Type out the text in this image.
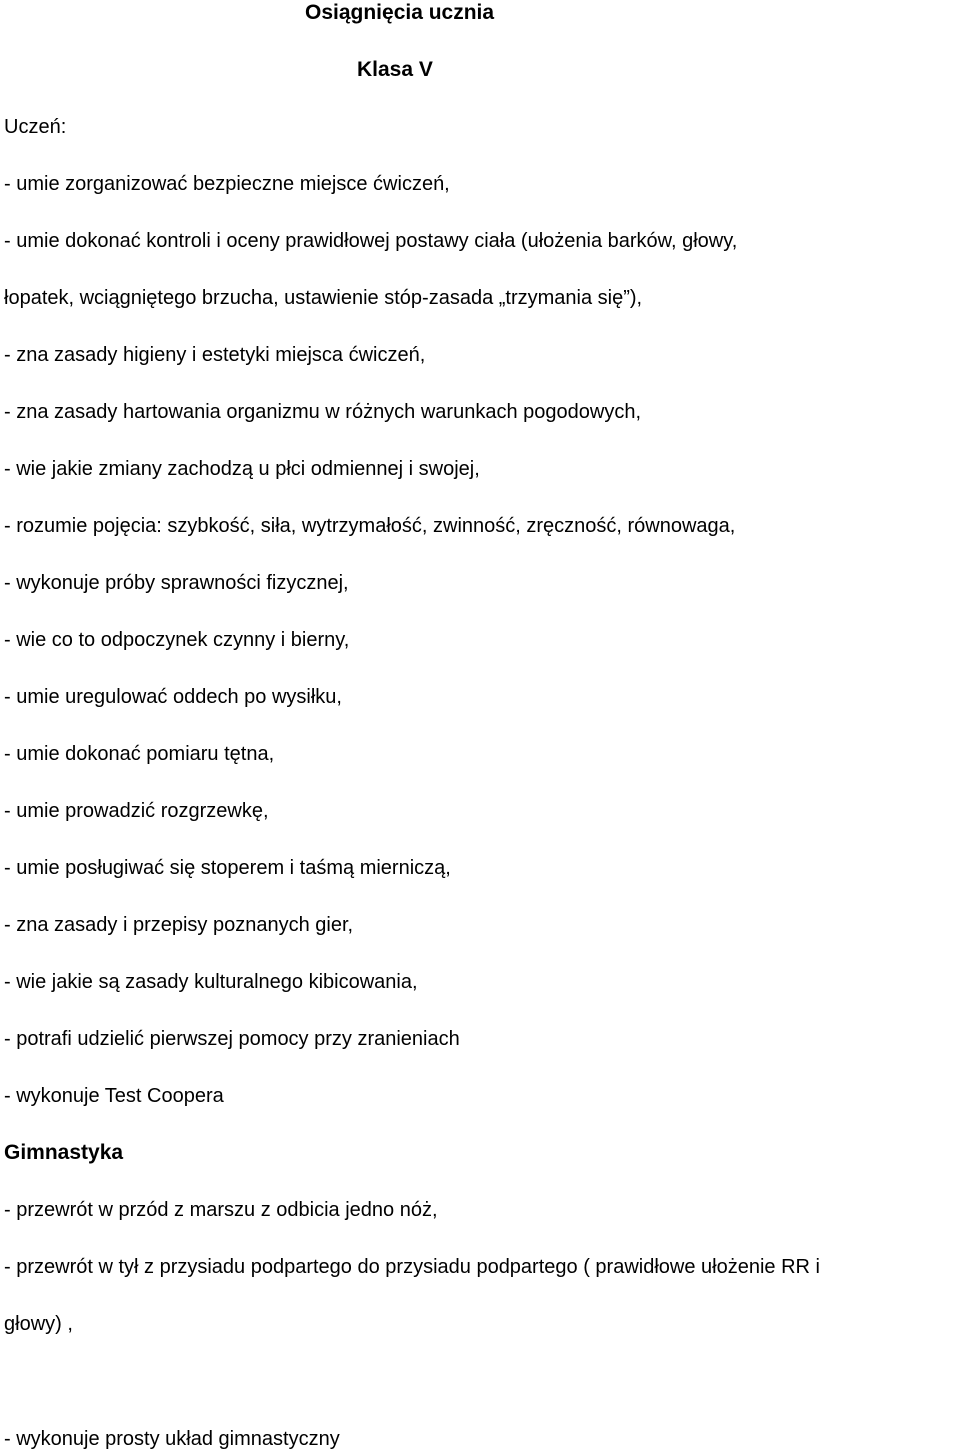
Osiągnięcia ucznia
Klasa V
Uczeń:
- umie zorganizować bezpieczne miejsce ćwiczeń,
- umie dokonać kontroli i oceny prawidłowej postawy ciała (ułożenia barków, głowy,
łopatek, wciągniętego brzucha, ustawienie stóp-zasada „trzymania się”),
- zna zasady higieny i estetyki miejsca ćwiczeń,
- zna zasady hartowania organizmu w różnych warunkach pogodowych,
- wie jakie zmiany zachodzą u płci odmiennej i swojej,
- rozumie pojęcia: szybkość, siła, wytrzymałość, zwinność, zręczność, równowaga,
- wykonuje próby sprawności fizycznej,
- wie co to odpoczynek czynny i bierny,
- umie uregulować oddech po wysiłku,
- umie dokonać pomiaru tętna,
- umie prowadzić rozgrzewkę,
- umie posługiwać się stoperem i taśmą mierniczą,
- zna zasady i przepisy poznanych gier,
- wie jakie są zasady kulturalnego kibicowania,
- potrafi udzielić pierwszej pomocy przy zranieniach
- wykonuje Test Coopera
Gimnastyka
- przewrót w przód z marszu z odbicia jedno nóż,
- przewrót w tył z przysiadu podpartego do przysiadu podpartego ( prawidłowe ułożenie RR i
głowy) ,
- wykonuje prosty układ gimnastyczny
